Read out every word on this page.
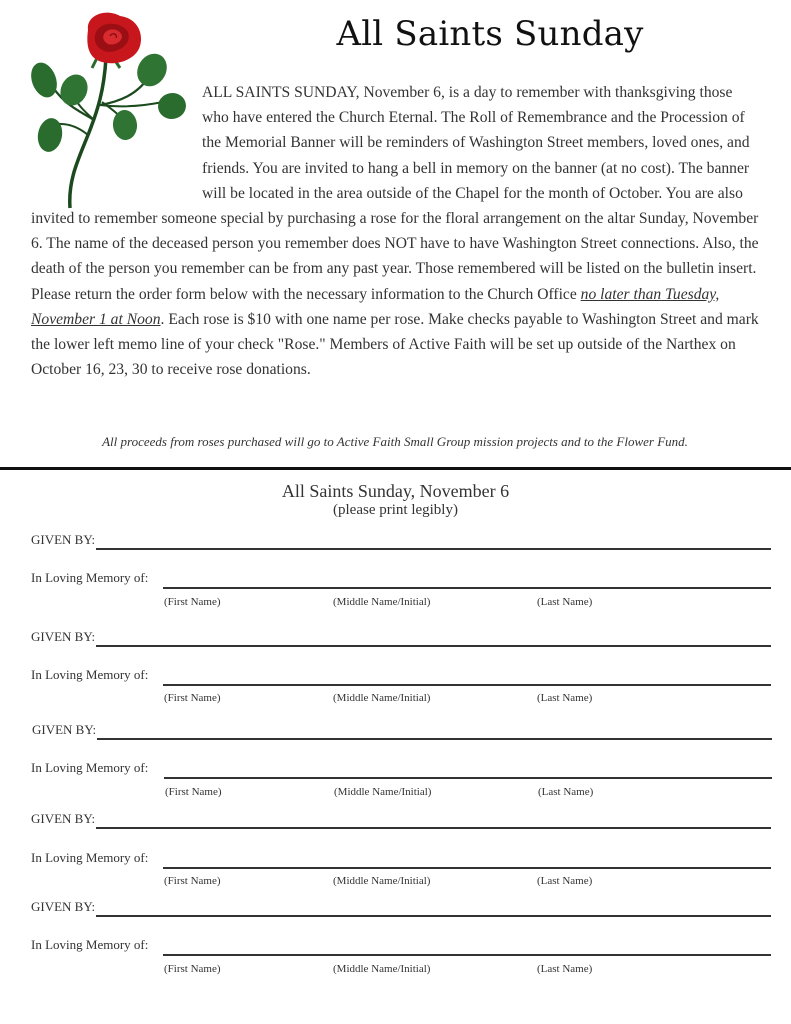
All Saints Sunday
ALL SAINTS SUNDAY, November 6, is a day to remember with thanksgiving those who have entered the Church Eternal. The Roll of Remembrance and the Procession of the Memorial Banner will be reminders of Washington Street members, loved ones, and friends. You are invited to hang a bell in memory on the banner (at no cost). The banner will be located in the area outside of the Chapel for the month of October. You are also invited to remember someone special by purchasing a rose for the floral arrangement on the altar Sunday, November 6. The name of the deceased person you remember does NOT have to have Washington Street connections. Also, the death of the person you remember can be from any past year. Those remembered will be listed on the bulletin insert. Please return the order form below with the necessary information to the Church Office no later than Tuesday, November 1 at Noon. Each rose is $10 with one name per rose. Make checks payable to Washington Street and mark the lower left memo line of your check "Rose." Members of Active Faith will be set up outside of the Narthex on October 16, 23, 30 to receive rose donations.
All proceeds from roses purchased will go to Active Faith Small Group mission projects and to the Flower Fund.
All Saints Sunday, November 6
(please print legibly)
GIVEN BY:
In Loving Memory of:
(First Name)	(Middle Name/Initial)	(Last Name)
GIVEN BY:
In Loving Memory of:
(First Name)	(Middle Name/Initial)	(Last Name)
GIVEN BY:
In Loving Memory of:
(First Name)	(Middle Name/Initial)	(Last Name)
GIVEN BY:
In Loving Memory of:
(First Name)	(Middle Name/Initial)	(Last Name)
GIVEN BY:
In Loving Memory of:
(First Name)	(Middle Name/Initial)	(Last Name)
